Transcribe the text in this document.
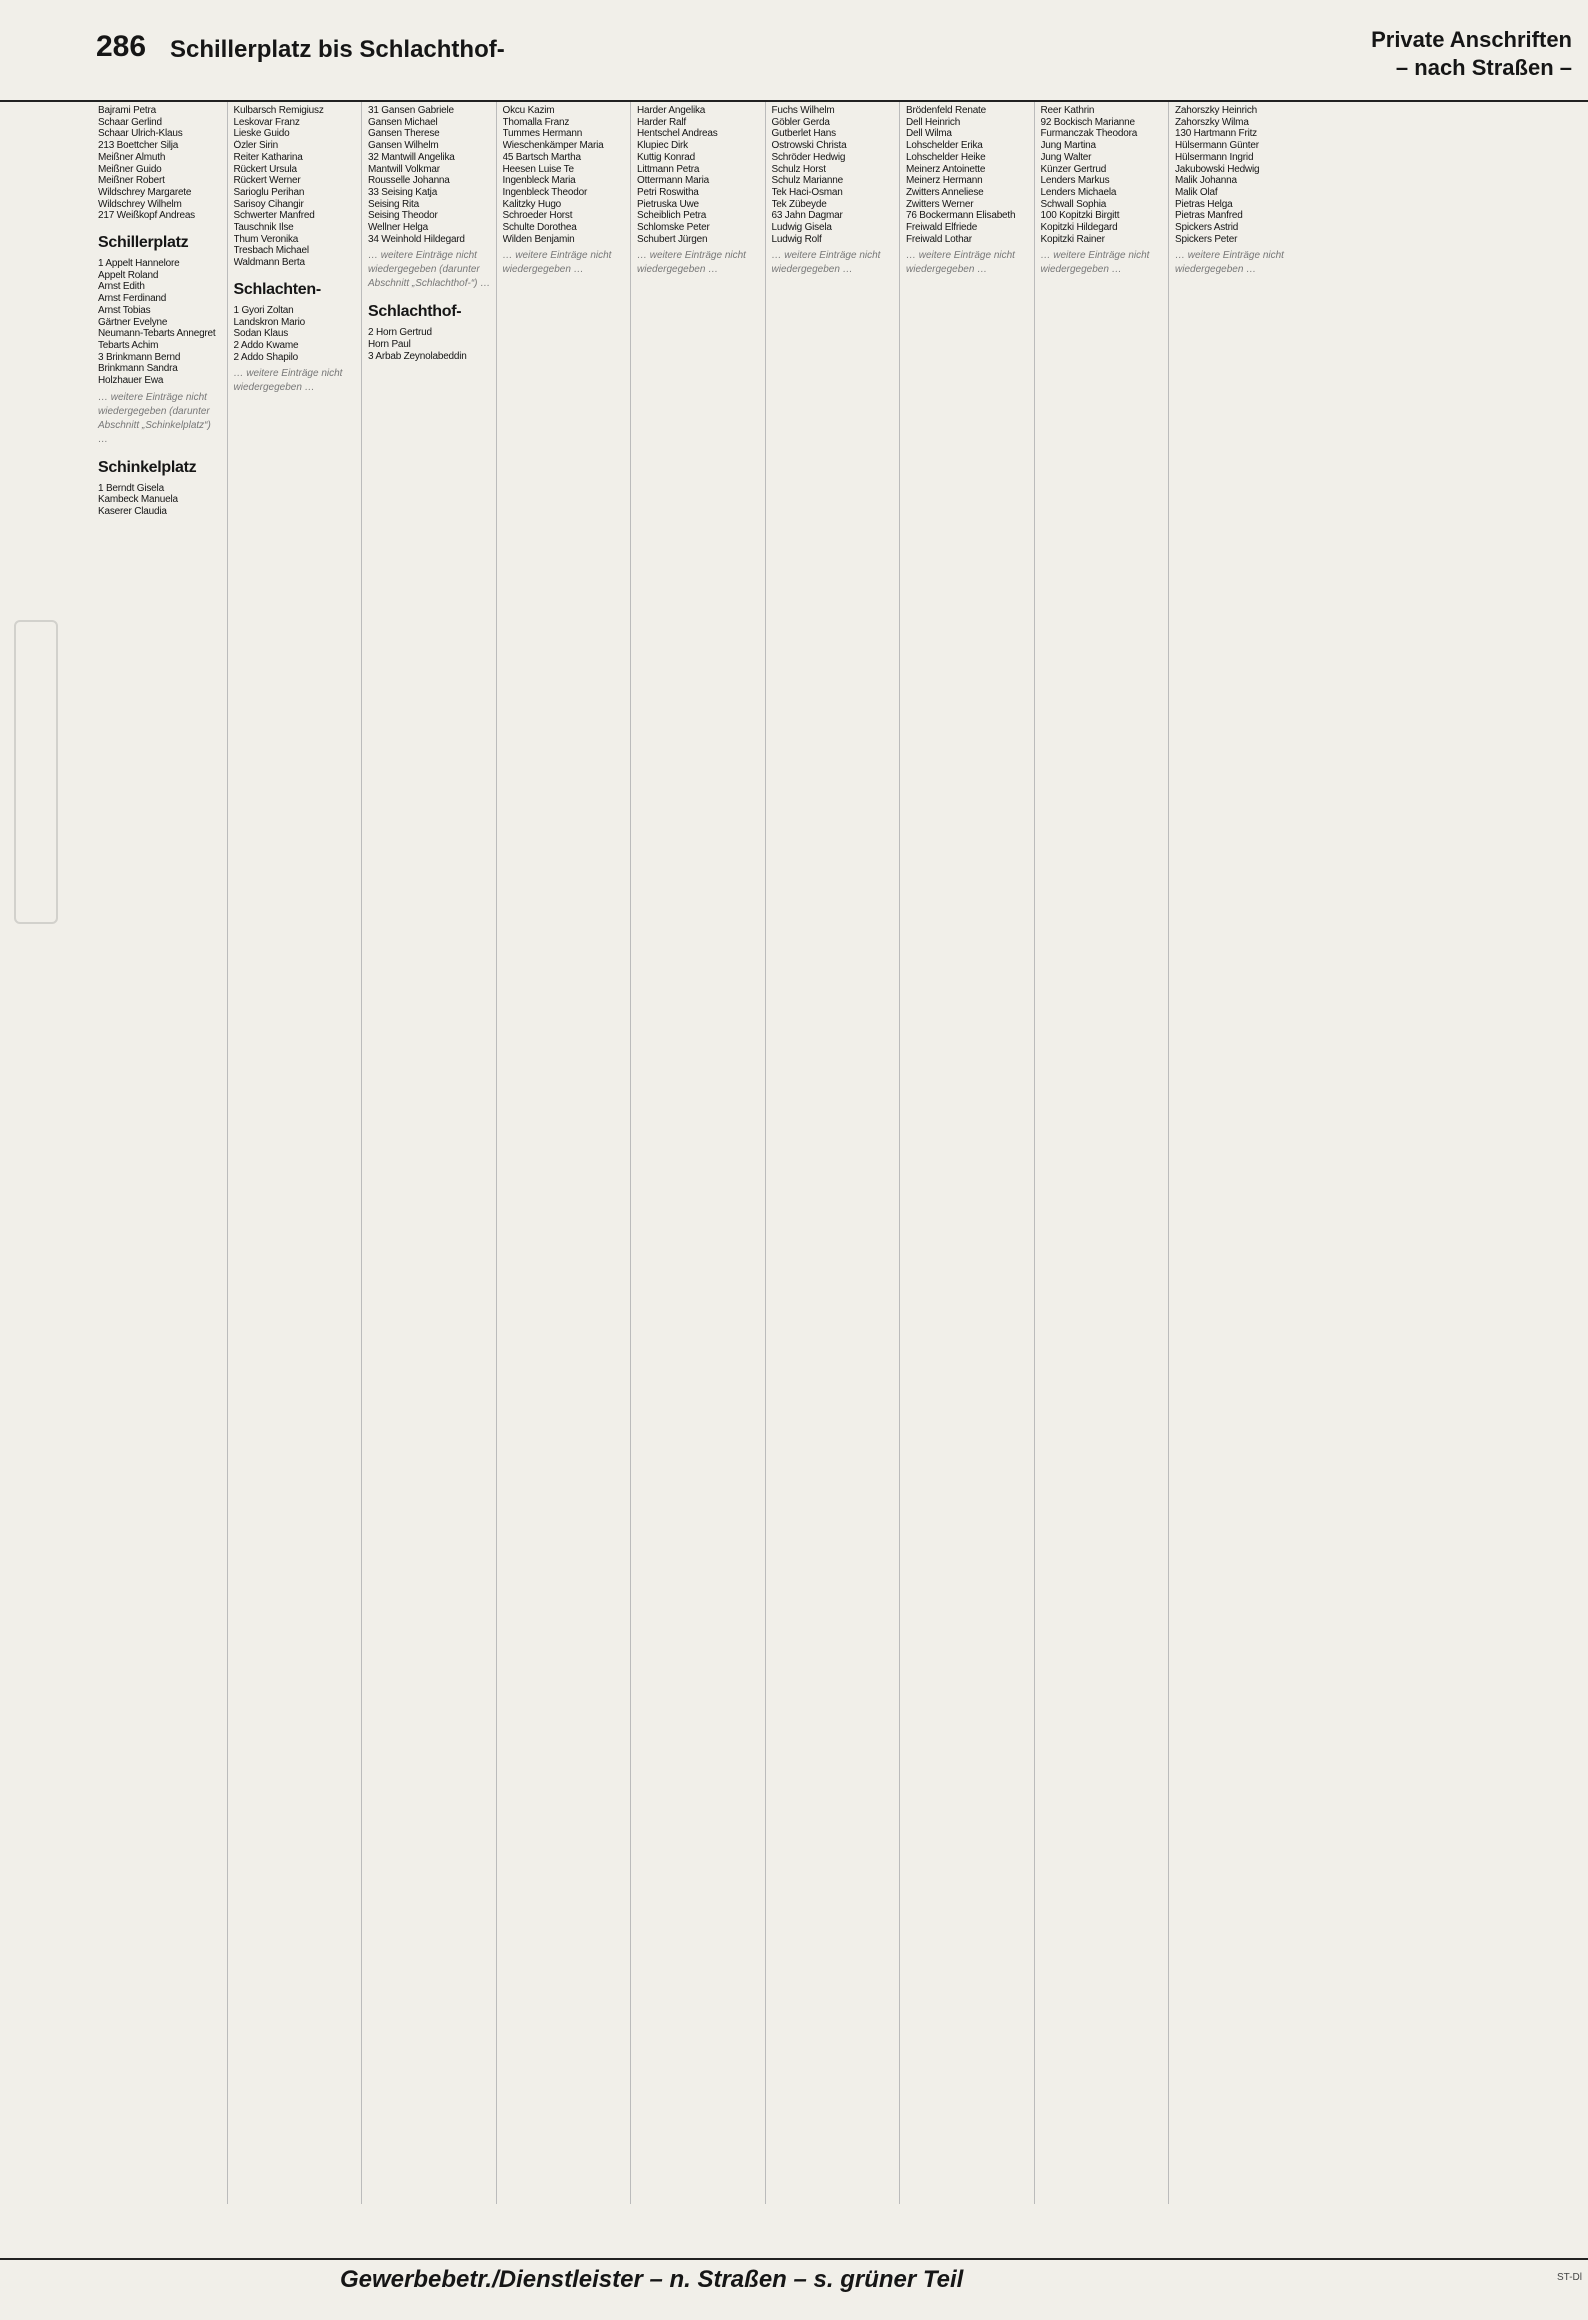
286 Schillerplatz bis Schlachthof-	Private Anschriften
– nach Straßen –
Bajrami Petra
Schaar Gerlind
Schaar Ulrich-Klaus
213 Boettcher Silja
Meißner Almuth
Meißner Guido
Meißner Robert
Wildschrey Margarete
Wildschrey Wilhelm
217 Weißkopf Andreas
Schillerplatz
1 Appelt Hannelore
Appelt Roland
Arnst Edith
Arnst Ferdinand
Arnst Tobias
Gärtner Evelyne
Neumann-Tebarts Annegret
Tebarts Achim
3 Brinkmann Bernd
Brinkmann Sandra
Holzhauer Ewa
… weitere Einträge nicht wiedergegeben (darunter Abschnitt „Schinkelplatz“) …
Schinkelplatz
1 Berndt Gisela
Kambeck Manuela
Kaserer Claudia
Kulbarsch Remigiusz
Leskovar Franz
Lieske Guido
Özler Sirin
Reiter Katharina
Rückert Ursula
Rückert Werner
Sarioglu Perihan
Sarisoy Cihangir
Schwerter Manfred
Tauschnik Ilse
Thum Veronika
Tresbach Michael
Waldmann Berta
Schlachten-
1 Gyori Zoltan
Landskron Mario
Sodan Klaus
2 Addo Kwame
2 Addo Shapilo
… weitere Einträge nicht wiedergegeben …
31 Gansen Gabriele
Gansen Michael
Gansen Therese
Gansen Wilhelm
32 Mantwill Angelika
Mantwill Volkmar
Rousselle Johanna
33 Seising Katja
Seising Rita
Seising Theodor
Wellner Helga
34 Weinhold Hildegard
… weitere Einträge nicht wiedergegeben (darunter Abschnitt „Schlachthof-“) …
Schlachthof-
2 Horn Gertrud
Horn Paul
3 Arbab Zeynolabeddin
Okcu Kazim
Thomalla Franz
Tummes Hermann
Wieschenkämper Maria
45 Bartsch Martha
Heesen Luise Te
Ingenbleck Maria
Ingenbleck Theodor
Kalitzky Hugo
Schroeder Horst
Schulte Dorothea
Wilden Benjamin
… weitere Einträge nicht wiedergegeben …
Harder Angelika
Harder Ralf
Hentschel Andreas
Klupiec Dirk
Kuttig Konrad
Littmann Petra
Ottermann Maria
Petri Roswitha
Pietruska Uwe
Scheiblich Petra
Schlomske Peter
Schubert Jürgen
… weitere Einträge nicht wiedergegeben …
Fuchs Wilhelm
Göbler Gerda
Gutberlet Hans
Ostrowski Christa
Schröder Hedwig
Schulz Horst
Schulz Marianne
Tek Haci-Osman
Tek Zübeyde
63 Jahn Dagmar
Ludwig Gisela
Ludwig Rolf
… weitere Einträge nicht wiedergegeben …
Brödenfeld Renate
Dell Heinrich
Dell Wilma
Lohschelder Erika
Lohschelder Heike
Meinerz Antoinette
Meinerz Hermann
Zwitters Anneliese
Zwitters Werner
76 Bockermann Elisabeth
Freiwald Elfriede
Freiwald Lothar
… weitere Einträge nicht wiedergegeben …
Reer Kathrin
92 Bockisch Marianne
Furmanczak Theodora
Jung Martina
Jung Walter
Künzer Gertrud
Lenders Markus
Lenders Michaela
Schwall Sophia
100 Kopitzki Birgitt
Kopitzki Hildegard
Kopitzki Rainer
… weitere Einträge nicht wiedergegeben …
Zahorszky Heinrich
Zahorszky Wilma
130 Hartmann Fritz
Hülsermann Günter
Hülsermann Ingrid
Jakubowski Hedwig
Malik Johanna
Malik Olaf
Pietras Helga
Pietras Manfred
Spickers Astrid
Spickers Peter
… weitere Einträge nicht wiedergegeben …
Gewerbebetr./Dienstleister – n. Straßen – s. grüner Teil	ST-Dl
